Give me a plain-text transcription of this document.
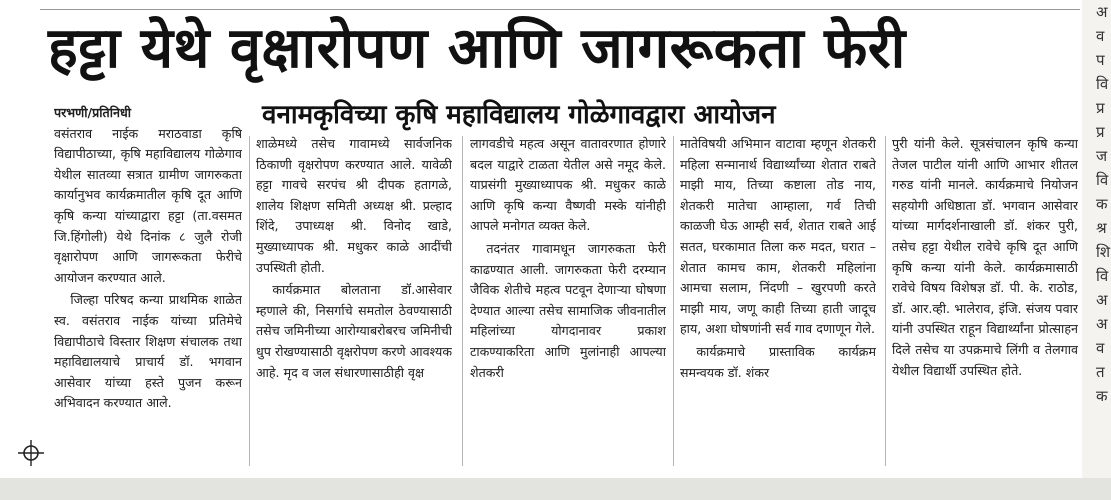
हट्टा येथे वृक्षारोपण आणि जागरूकता फेरी
वनामकृविच्या कृषि महाविद्यालय गोळेगावद्वारा आयोजन
परभणी/प्रतिनिधी
वसंतराव नाईक मराठवाडा कृषि विद्यापीठाच्या, कृषि महाविद्यालय गोळेगाव येथील सातव्या सत्रात ग्रामीण जागरुकता कार्यानुभव कार्यक्रमातील कृषि दूत आणि कृषि कन्या यांच्याद्वारा हट्टा (ता.वसमत जि.हिंगोली) येथे दिनांक ८ जुलै रोजी वृक्षारोपण आणि जागरूकता फेरीचे आयोजन करण्यात आले.
जिल्हा परिषद कन्या प्राथमिक शाळेत स्व. वसंतराव नाईक यांच्या प्रतिमेचे विद्यापीठाचे विस्तार शिक्षण संचालक तथा महाविद्यालयाचे प्राचार्य डॉ. भगवान आसेवार यांच्या हस्ते पुजन करून अभिवादन करण्यात आले.
शाळेमध्ये तसेच गावामध्ये सार्वजनिक ठिकाणी वृक्षरोपण करण्यात आले. यावेळी हट्टा गावचे सरपंच श्री दीपक हतागळे, शालेय शिक्षण समिती अध्यक्ष श्री. प्रल्हाद शिंदे, उपाध्यक्ष श्री. विनोद खाडे, मुख्याध्यापक श्री. मधुकर काळे आदींची उपस्थिती होती.
कार्यक्रमात बोलताना डॉ.आसेवार म्हणाले की, निसर्गाचे समतोल ठेवण्यासाठी तसेच जमिनीच्या आरोग्याबरोबरच जमिनीची धुप रोखण्यासाठी वृक्षरोपण करणे आवश्यक आहे. मृद व जल संधारणासाठीही वृक्ष
लागवडीचे महत्व असून वातावरणात होणारे बदल याद्वारे टाळता येतील असे नमूद केले. याप्रसंगी मुख्याध्यापक श्री. मधुकर काळे आणि कृषि कन्या वैष्णवी मस्के यांनीही आपले मनोगत व्यक्त केले.
तदनंतर गावामधून जागरुकता फेरी काढण्यात आली. जागरुकता फेरी दरम्यान जैविक शेतीचे महत्व पटवून देणाऱ्या घोषणा देण्यात आल्या तसेच सामाजिक जीवनातील महिलांच्या योगदानावर प्रकाश टाकण्याकरिता आणि मुलांनाही आपल्या शेतकरी
मातेविषयी अभिमान वाटावा म्हणून शेतकरी महिला सन्मानार्थ विद्यार्थ्यांच्या शेतात राबते माझी माय, तिच्या कष्टाला तोड नाय, शेतकरी मातेचा आम्हाला, गर्व तिची काळजी घेऊ आम्ही सर्व, शेतात राबते आई सतत, घरकामात तिला करु मदत, घरात – शेतात कामच काम, शेतकरी महिलांना आमचा सलाम, निंदणी – खुरपणी करते माझी माय, जणू काही तिच्या हाती जादूच हाय, अशा घोषणांनी सर्व गाव दणाणून गेले.
कार्यक्रमाचे प्रास्ताविक कार्यक्रम समन्वयक डॉ. शंकर
पुरी यांनी केले. सूत्रसंचालन कृषि कन्या तेजल पाटील यांनी आणि आभार शीतल गरुड यांनी मानले. कार्यक्रमाचे नियोजन सहयोगी अधिष्ठाता डॉ. भगवान आसेवार यांच्या मार्गदर्शनाखाली डॉ. शंकर पुरी, तसेच हट्टा येथील रावेचे कृषि दूत आणि कृषि कन्या यांनी केले. कार्यक्रमासाठी रावेचे विषय विशेषज्ञ डॉ. पी. के. राठोड, डॉ. आर.व्ही. भालेराव, इंजि. संजय पवार यांनी उपस्थित राहून विद्यार्थ्यांना प्रोत्साहन दिले तसेच या उपक्रमाचे लिंगी व तेलगाव येथील विद्यार्थी उपस्थित होते.
अ
व
प
वि
प्र
प्र
ज
वि
क
श्र
शि
वि
अ
अ
व
त
क
